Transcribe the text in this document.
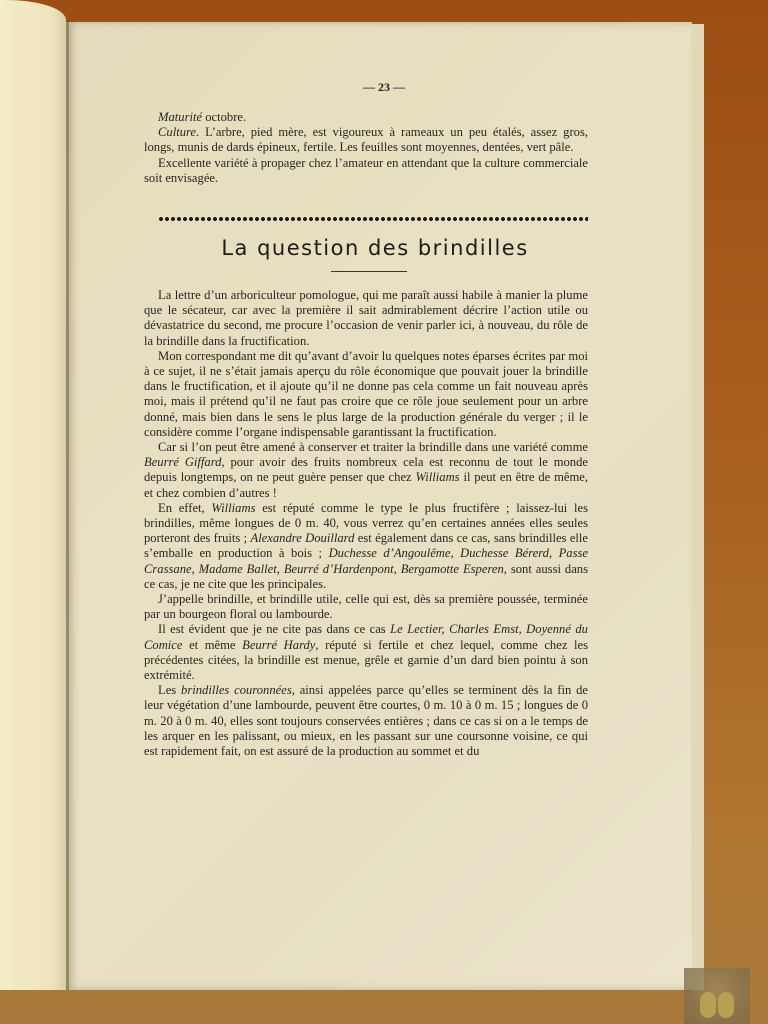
— 23 —

Maturité octobre.

Culture. L’arbre, pied mère, est vigoureux à rameaux un peu étalés, assez gros, longs, munis de dards épineux, fertile. Les feuilles sont moyennes, dentées, vert pâle.

Excellente variété à propager chez l’amateur en attendant que la culture commerciale soit envisagée.

La question des brindilles

La lettre d’un arboriculteur pomologue, qui me paraît aussi habile à manier la plume que le sécateur, car avec la première il sait admirablement décrire l’action utile ou dévastatrice du second, me procure l’occasion de venir parler ici, à nouveau, du rôle de la brindille dans la fructification.

Mon correspondant me dit qu’avant d’avoir lu quelques notes éparses écrites par moi à ce sujet, il ne s’était jamais aperçu du rôle économique que pouvait jouer la brindille dans le fructification, et il ajoute qu’il ne donne pas cela comme un fait nouveau après moi, mais il prétend qu’il ne faut pas croire que ce rôle joue seulement pour un arbre donné, mais bien dans le sens le plus large de la production générale du verger ; il le considère comme l’organe indispensable garantissant la fructification.

Car si l’on peut être amené à conserver et traiter la brindille dans une variété comme Beurré Giffard, pour avoir des fruits nombreux cela est reconnu de tout le monde depuis longtemps, on ne peut guère penser que chez Williams il peut en être de même, et chez combien d’autres !

En effet, Williams est réputé comme le type le plus fructifère ; laissez-lui les brindilles, même longues de 0 m. 40, vous verrez qu’en certaines années elles seules porteront des fruits ; Alexandre Douillard est également dans ce cas, sans brindilles elle s’emballe en production à bois ; Duchesse d’Angoulême, Duchesse Bérerd, Passe Crassane, Madame Ballet, Beurré d’Hardenpont, Bergamotte Esperen, sont aussi dans ce cas, je ne cite que les principales.

J’appelle brindille, et brindille utile, celle qui est, dès sa première poussée, terminée par un bourgeon floral ou lambourde.

Il est évident que je ne cite pas dans ce cas Le Lectier, Charles Emst, Doyenné du Comice et même Beurré Hardy, réputé si fertile et chez lequel, comme chez les précédentes citées, la brindille est menue, grêle et garnie d’un dard bien pointu à son extrémité.

Les brindilles couronnées, ainsi appelées parce qu’elles se terminent dès la fin de leur végétation d’une lambourde, peuvent être courtes, 0 m. 10 à 0 m. 15 ; longues de 0 m. 20 à 0 m. 40, elles sont toujours conservées entières ; dans ce cas si on a le temps de les arquer en les palissant, ou mieux, en les passant sur une coursonne voisine, ce qui est rapidement fait, on est assuré de la production au sommet et du
